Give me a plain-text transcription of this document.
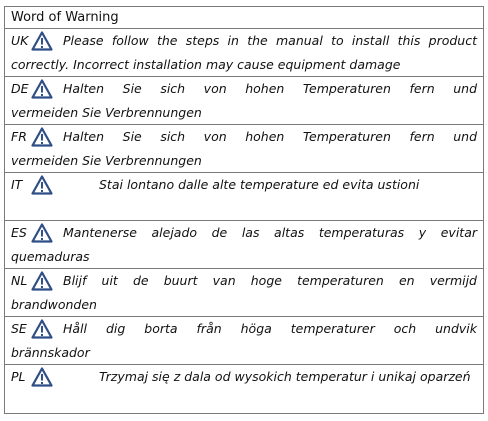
Word of Warning
UK	Please follow the steps in the manual to install this product
correctly. Incorrect installation may cause equipment damage
DE	Halten Sie sich von hohen Temperaturen fern und
vermeiden Sie Verbrennungen
FR	Halten Sie sich von hohen Temperaturen fern und
vermeiden Sie Verbrennungen
IT	Stai lontano dalle alte temperature ed evita ustioni
ES	Mantenerse alejado de las altas temperaturas y evitar
quemaduras
NL	Blijf uit de buurt van hoge temperaturen en vermijd
brandwonden
SE	Håll dig borta från höga temperaturer och undvik
brännskador
PL	Trzymaj się z dala od wysokich temperatur i unikaj oparzeń
